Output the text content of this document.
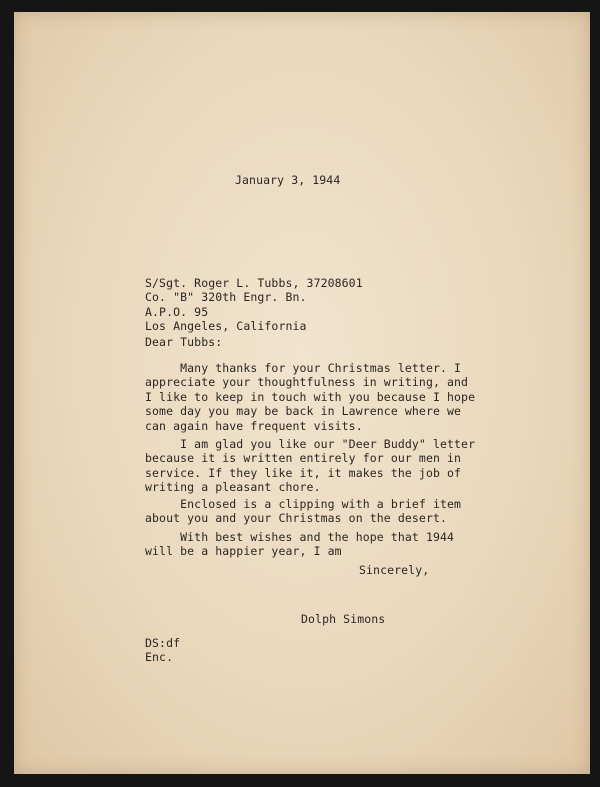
January 3, 1944
S/Sgt. Roger L. Tubbs, 37208601
Co. "B" 320th Engr. Bn.
A.P.O. 95
Los Angeles, California
Dear Tubbs:
Many thanks for your Christmas letter. I
appreciate your thoughtfulness in writing, and
I like to keep in touch with you because I hope
some day you may be back in Lawrence where we
can again have frequent visits.
I am glad you like our "Deer Buddy" letter
because it is written entirely for our men in
service. If they like it, it makes the job of
writing a pleasant chore.
Enclosed is a clipping with a brief item
about you and your Christmas on the desert.
With best wishes and the hope that 1944
will be a happier year, I am
Sincerely,
Dolph Simons
DS:df
Enc.
